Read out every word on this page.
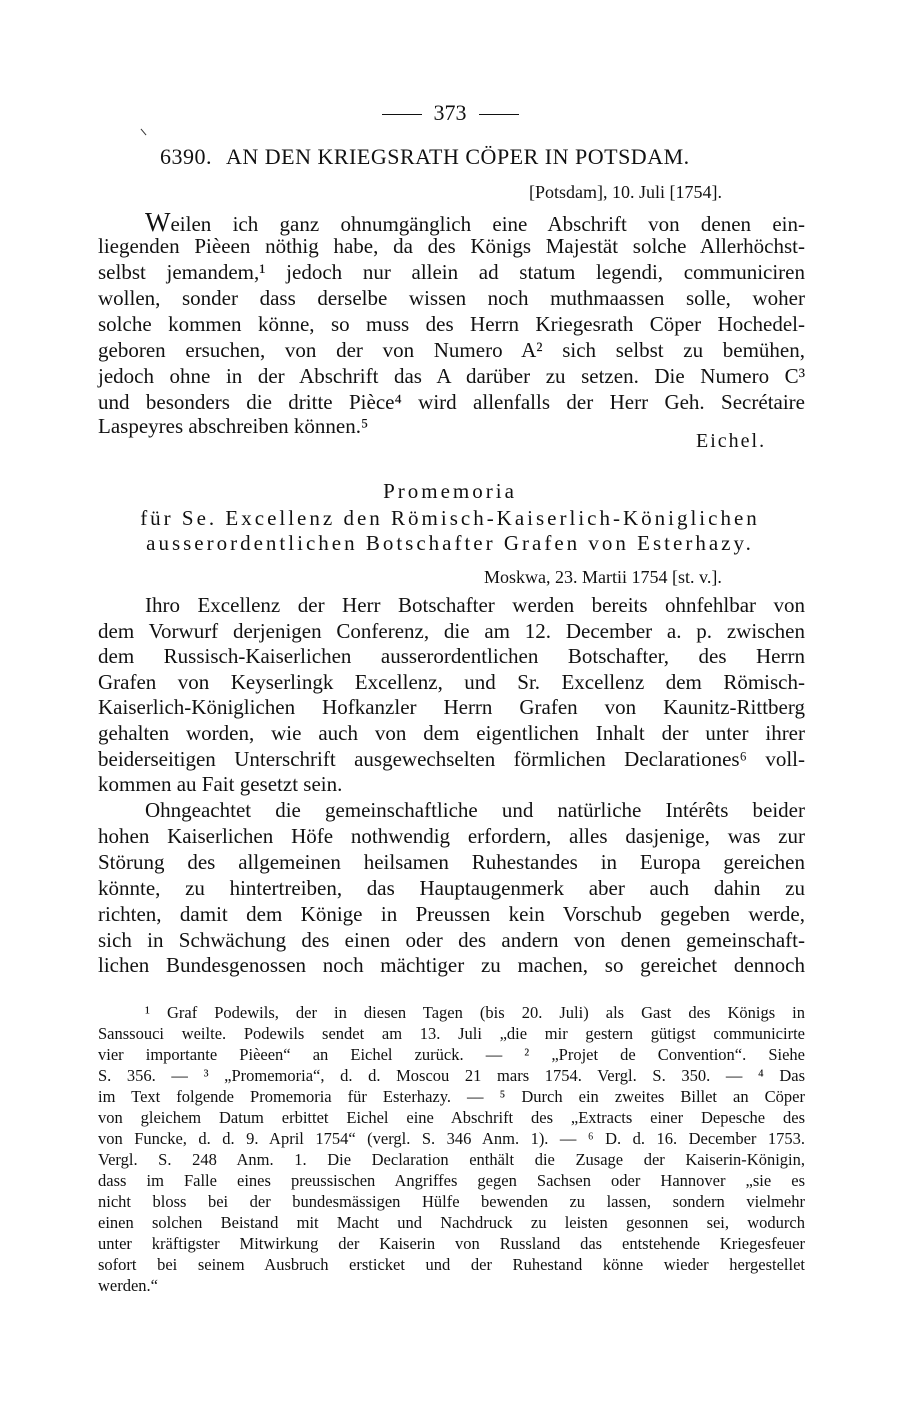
373
6390. AN DEN KRIEGSRATH CÖPER IN POTSDAM.
[Potsdam], 10. Juli [1754].
Weilen ich ganz ohnumgänglich eine Abschrift von denen ein-
liegenden Pièeen nöthig habe, da des Königs Majestät solche Allerhöchst-
selbst jemandem,¹ jedoch nur allein ad statum legendi, communiciren
wollen, sonder dass derselbe wissen noch muthmaassen solle, woher
solche kommen könne, so muss des Herrn Kriegesrath Cöper Hochedel-
geboren ersuchen, von der von Numero A² sich selbst zu bemühen,
jedoch ohne in der Abschrift das A darüber zu setzen. Die Numero C³
und besonders die dritte Pièce⁴ wird allenfalls der Herr Geh. Secrétaire
Laspeyres abschreiben können.⁵
Eichel.
Promemoria
für Se. Excellenz den Römisch-Kaiserlich-Königlichen
ausserordentlichen Botschafter Grafen von Esterhazy.
Moskwa, 23. Martii 1754 [st. v.].
Ihro Excellenz der Herr Botschafter werden bereits ohnfehlbar von
dem Vorwurf derjenigen Conferenz, die am 12. December a. p. zwischen
dem Russisch-Kaiserlichen ausserordentlichen Botschafter, des Herrn
Grafen von Keyserlingk Excellenz, und Sr. Excellenz dem Römisch-
Kaiserlich-Königlichen Hofkanzler Herrn Grafen von Kaunitz-Rittberg
gehalten worden, wie auch von dem eigentlichen Inhalt der unter ihrer
beiderseitigen Unterschrift ausgewechselten förmlichen Declarationes⁶ voll-
kommen au Fait gesetzt sein.
Ohngeachtet die gemeinschaftliche und natürliche Intérêts beider
hohen Kaiserlichen Höfe nothwendig erfordern, alles dasjenige, was zur
Störung des allgemeinen heilsamen Ruhestandes in Europa gereichen
könnte, zu hintertreiben, das Hauptaugenmerk aber auch dahin zu
richten, damit dem Könige in Preussen kein Vorschub gegeben werde,
sich in Schwächung des einen oder des andern von denen gemeinschaft-
lichen Bundesgenossen noch mächtiger zu machen, so gereichet dennoch
¹ Graf Podewils, der in diesen Tagen (bis 20. Juli) als Gast des Königs in
Sanssouci weilte. Podewils sendet am 13. Juli „die mir gestern gütigst communicirte
vier importante Pièeen“ an Eichel zurück. — ² „Projet de Convention“. Siehe
S. 356. — ³ „Promemoria“, d. d. Moscou 21 mars 1754. Vergl. S. 350. — ⁴ Das
im Text folgende Promemoria für Esterhazy. — ⁵ Durch ein zweites Billet an Cöper
von gleichem Datum erbittet Eichel eine Abschrift des „Extracts einer Depesche des
von Funcke, d. d. 9. April 1754“ (vergl. S. 346 Anm. 1). — ⁶ D. d. 16. December 1753.
Vergl. S. 248 Anm. 1. Die Declaration enthält die Zusage der Kaiserin-Königin,
dass im Falle eines preussischen Angriffes gegen Sachsen oder Hannover „sie es
nicht bloss bei der bundesmässigen Hülfe bewenden zu lassen, sondern vielmehr
einen solchen Beistand mit Macht und Nachdruck zu leisten gesonnen sei, wodurch
unter kräftigster Mitwirkung der Kaiserin von Russland das entstehende Kriegesfeuer
sofort bei seinem Ausbruch ersticket und der Ruhestand könne wieder hergestellet
werden.“
